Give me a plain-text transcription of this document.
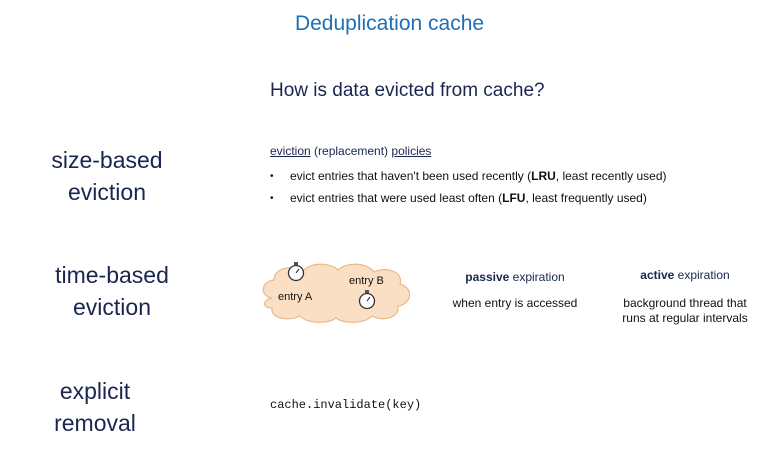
Deduplication cache
How is data evicted from cache?
size-based
eviction
time-based
eviction
explicit
removal
eviction (replacement) policies
•	evict entries that haven't been used recently (LRU, least recently used)
•	evict entries that were used least often (LFU, least frequently used)
entry A
entry B	passive expiration
when entry is accessed
active expiration
background thread that
runs at regular intervals
cache.invalidate(key)
